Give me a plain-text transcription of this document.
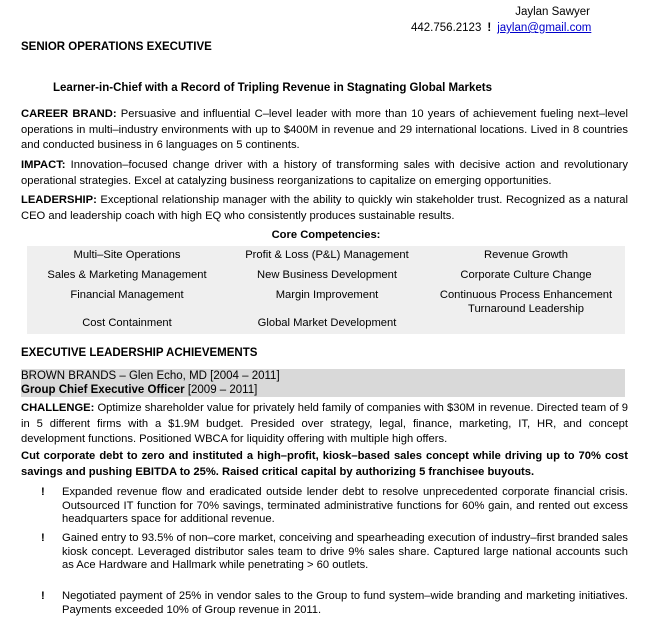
Jaylan Sawyer
442.756.2123 ! jaylan@gmail.com
SENIOR OPERATIONS EXECUTIVE
Learner-in-Chief with a Record of Tripling Revenue in Stagnating Global Markets
CAREER BRAND: Persuasive and influential C–level leader with more than 10 years of achievement fueling next–level operations in multi–industry environments with up to $400M in revenue and 29 international locations. Lived in 8 countries and conducted business in 6 languages on 5 continents.
IMPACT: Innovation–focused change driver with a history of transforming sales with decisive action and revolutionary operational strategies. Excel at catalyzing business reorganizations to capitalize on emerging opportunities.
LEADERSHIP: Exceptional relationship manager with the ability to quickly win stakeholder trust. Recognized as a natural CEO and leadership coach with high EQ who consistently produces sustainable results.
Core Competencies:
Multi–Site Operations	Profit & Loss (P&L) Management	Revenue Growth
Sales & Marketing Management	New Business Development	Corporate Culture Change
Financial Management	Margin Improvement	Continuous Process Enhancement Turnaround Leadership
Cost Containment	Global Market Development	
EXECUTIVE LEADERSHIP ACHIEVEMENTS
BROWN BRANDS – Glen Echo, MD [2004 – 2011]
Group Chief Executive Officer [2009 – 2011]
CHALLENGE: Optimize shareholder value for privately held family of companies with $30M in revenue. Directed team of 9 in 5 different firms with a $1.9M budget. Presided over strategy, legal, finance, marketing, IT, HR, and concept development functions. Positioned WBCA for liquidity offering with multiple high offers.
Cut corporate debt to zero and instituted a high–profit, kiosk–based sales concept while driving up to 70% cost savings and pushing EBITDA to 25%. Raised critical capital by authorizing 5 franchisee buyouts.
! Expanded revenue flow and eradicated outside lender debt to resolve unprecedented corporate financial crisis. Outsourced IT function for 70% savings, terminated administrative functions for 60% gain, and rented out excess headquarters space for additional revenue.
! Gained entry to 93.5% of non–core market, conceiving and spearheading execution of industry–first branded sales kiosk concept. Leveraged distributor sales team to drive 9% sales share. Captured large national accounts such as Ace Hardware and Hallmark while penetrating > 60 outlets.
! Negotiated payment of 25% in vendor sales to the Group to fund system–wide branding and marketing initiatives. Payments exceeded 10% of Group revenue in 2011.
